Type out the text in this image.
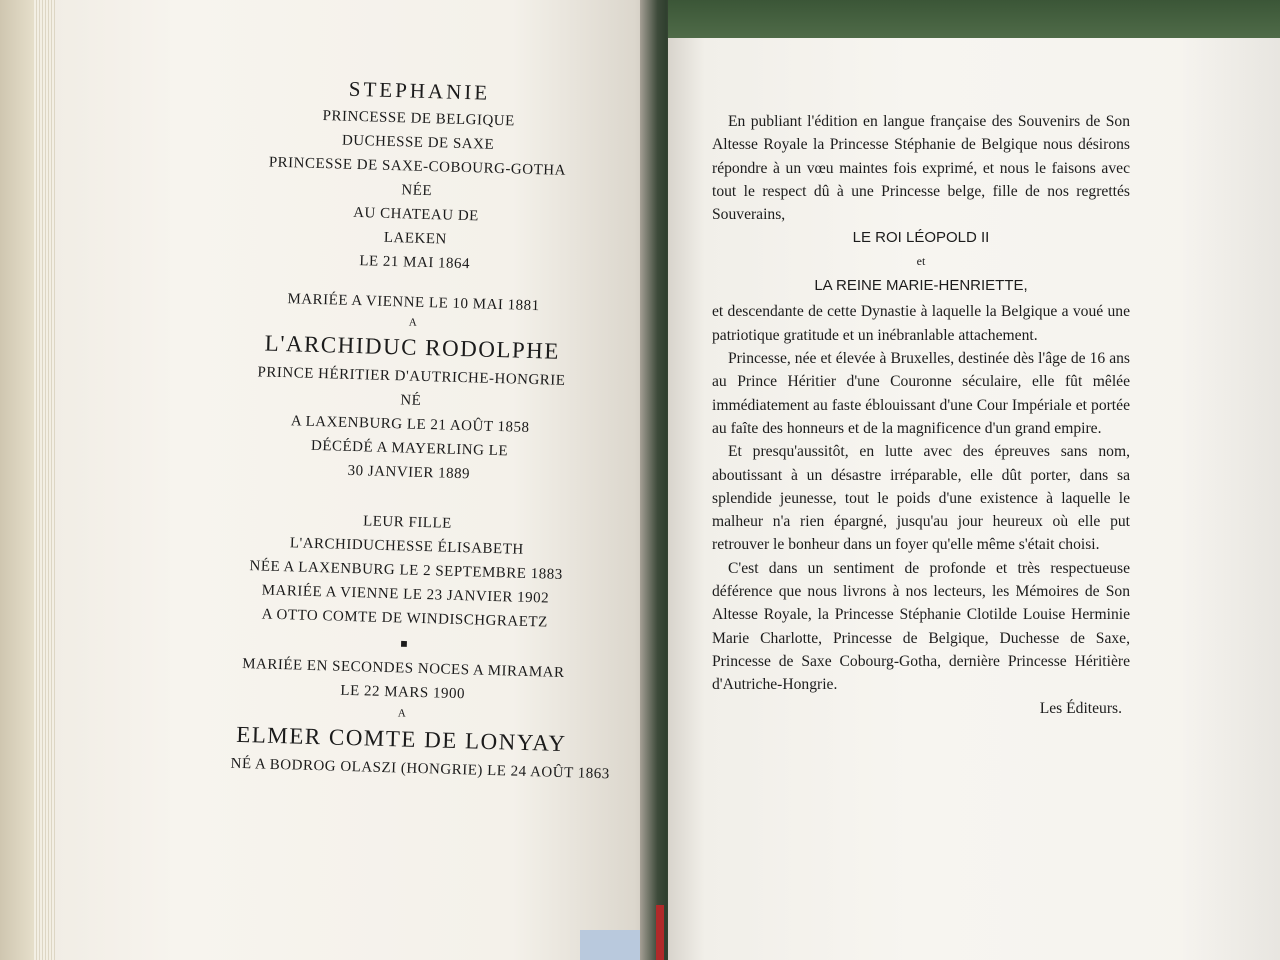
STEPHANIE
PRINCESSE DE BELGIQUE
DUCHESSE DE SAXE
PRINCESSE DE SAXE-COBOURG-GOTHA
NÉE
AU CHATEAU DE
LAEKEN
LE 21 MAI 1864
MARIÉE A VIENNE LE 10 MAI 1881
A
L'ARCHIDUC RODOLPHE
PRINCE HÉRITIER D'AUTRICHE-HONGRIE
NÉ
A LAXENBURG LE 21 AOÛT 1858
DÉCÉDÉ A MAYERLING LE
30 JANVIER 1889
LEUR FILLE
L'ARCHIDUCHESSE ÉLISABETH
NÉE A LAXENBURG LE 2 SEPTEMBRE 1883
MARIÉE A VIENNE LE 23 JANVIER 1902
A OTTO COMTE DE WINDISCHGRAETZ
■
MARIÉE EN SECONDES NOCES A MIRAMAR
LE 22 MARS 1900
A
ELMER COMTE DE LONYAY
NÉ A BODROG OLASZI (HONGRIE) LE 24 AOÛT 1863

En publiant l'édition en langue française des Souvenirs de Son Altesse Royale la Princesse Stéphanie de Belgique nous désirons répondre à un vœu maintes fois exprimé, et nous le faisons avec tout le respect dû à une Princesse belge, fille de nos regrettés Souverains,

LE ROI LÉOPOLD II

et

LA REINE MARIE-HENRIETTE,

et descendante de cette Dynastie à laquelle la Belgique a voué une patriotique gratitude et un inébranlable attachement.

Princesse, née et élevée à Bruxelles, destinée dès l'âge de 16 ans au Prince Héritier d'une Couronne séculaire, elle fût mêlée immédiatement au faste éblouissant d'une Cour Impériale et portée au faîte des honneurs et de la magnificence d'un grand empire.

Et presqu'aussitôt, en lutte avec des épreuves sans nom, aboutissant à un désastre irréparable, elle dût porter, dans sa splendide jeunesse, tout le poids d'une existence à laquelle le malheur n'a rien épargné, jusqu'au jour heureux où elle put retrouver le bonheur dans un foyer qu'elle même s'était choisi.

C'est dans un sentiment de profonde et très respectueuse déférence que nous livrons à nos lecteurs, les Mémoires de Son Altesse Royale, la Princesse Stéphanie Clotilde Louise Herminie Marie Charlotte, Princesse de Belgique, Duchesse de Saxe, Princesse de Saxe Cobourg-Gotha, dernière Princesse Héritière d'Autriche-Hongrie.

Les Éditeurs.
